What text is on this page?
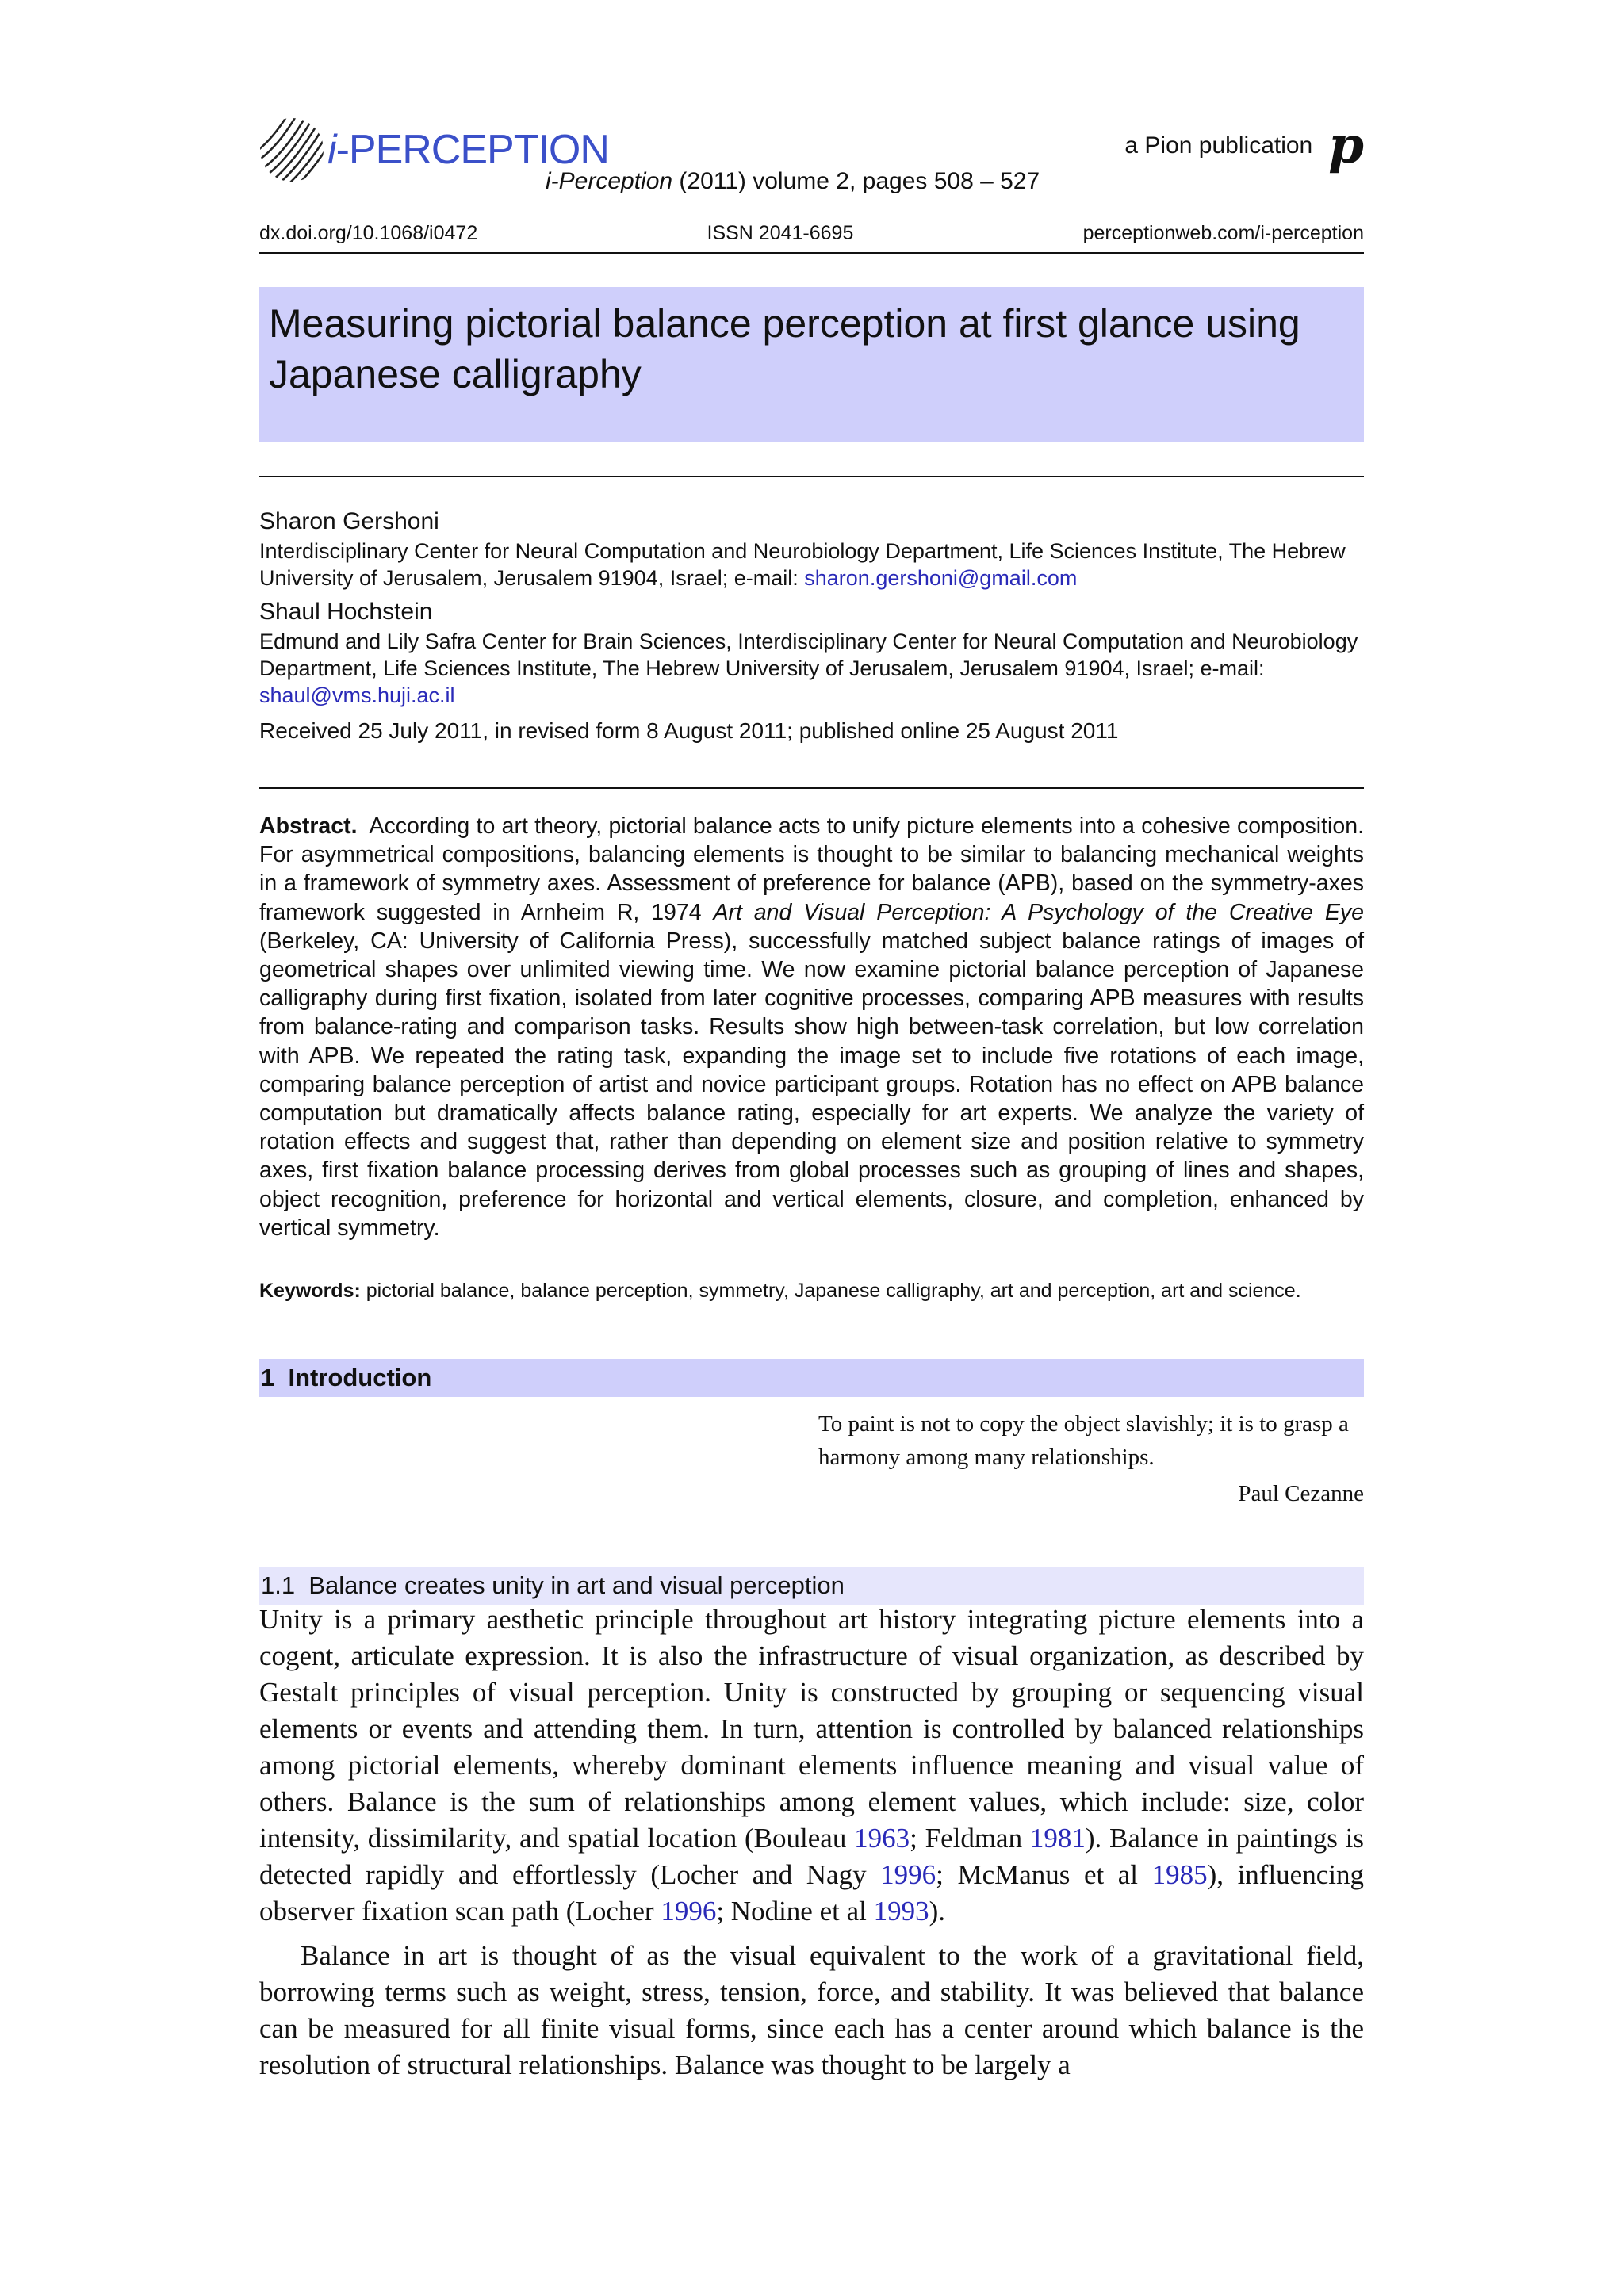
i-PERCEPTION	a Pion publication p
i-Perception (2011) volume 2, pages 508 – 527
dx.doi.org/10.1068/i0472	ISSN 2041-6695	perceptionweb.com/i-perception
Measuring pictorial balance perception at first glance using Japanese calligraphy
Sharon Gershoni
Interdisciplinary Center for Neural Computation and Neurobiology Department, Life Sciences Institute, The Hebrew University of Jerusalem, Jerusalem 91904, Israel; e-mail: sharon.gershoni@gmail.com
Shaul Hochstein
Edmund and Lily Safra Center for Brain Sciences, Interdisciplinary Center for Neural Computation and Neurobiology Department, Life Sciences Institute, The Hebrew University of Jerusalem, Jerusalem 91904, Israel; e-mail: shaul@vms.huji.ac.il
Received 25 July 2011, in revised form 8 August 2011; published online 25 August 2011
Abstract. According to art theory, pictorial balance acts to unify picture elements into a cohesive composition. For asymmetrical compositions, balancing elements is thought to be similar to balancing mechanical weights in a framework of symmetry axes. Assessment of preference for balance (APB), based on the symmetry-axes framework suggested in Arnheim R, 1974 Art and Visual Perception: A Psychology of the Creative Eye (Berkeley, CA: University of California Press), successfully matched subject balance ratings of images of geometrical shapes over unlimited viewing time. We now examine pictorial balance perception of Japanese calligraphy during first fixation, isolated from later cognitive processes, comparing APB measures with results from balance-rating and comparison tasks. Results show high between-task correlation, but low correlation with APB. We repeated the rating task, expanding the image set to include five rotations of each image, comparing balance perception of artist and novice participant groups. Rotation has no effect on APB balance computation but dramatically affects balance rating, especially for art experts. We analyze the variety of rotation effects and suggest that, rather than depending on element size and position relative to symmetry axes, first fixation balance processing derives from global processes such as grouping of lines and shapes, object recognition, preference for horizontal and vertical elements, closure, and completion, enhanced by vertical symmetry.
Keywords: pictorial balance, balance perception, symmetry, Japanese calligraphy, art and perception, art and science.
1 Introduction
To paint is not to copy the object slavishly; it is to grasp a harmony among many relationships.
Paul Cezanne
1.1 Balance creates unity in art and visual perception

Unity is a primary aesthetic principle throughout art history integrating picture elements into a cogent, articulate expression. It is also the infrastructure of visual organization, as described by Gestalt principles of visual perception. Unity is constructed by grouping or sequencing visual elements or events and attending them. In turn, attention is controlled by balanced relationships among pictorial elements, whereby dominant elements influence meaning and visual value of others. Balance is the sum of relationships among element values, which include: size, color intensity, dissimilarity, and spatial location (Bouleau 1963; Feldman 1981). Balance in paintings is detected rapidly and effortlessly (Locher and Nagy 1996; McManus et al 1985), influencing observer fixation scan path (Locher 1996; Nodine et al 1993).

Balance in art is thought of as the visual equivalent to the work of a gravitational field, borrowing terms such as weight, stress, tension, force, and stability. It was believed that balance can be measured for all finite visual forms, since each has a center around which balance is the resolution of structural relationships. Balance was thought to be largely a
